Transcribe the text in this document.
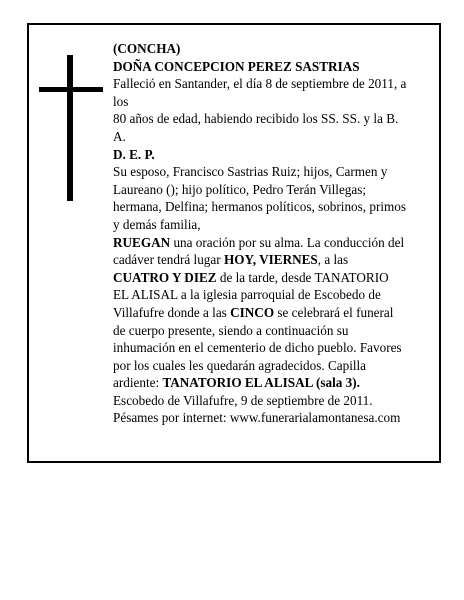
(CONCHA)
DOÑA CONCEPCION PEREZ SASTRIAS
Falleció en Santander, el día 8 de septiembre de 2011, a
los
80 años de edad, habiendo recibido los SS. SS. y la B.
A.
D. E. P.
Su esposo, Francisco Sastrias Ruiz; hijos, Carmen y
Laureano (); hijo político, Pedro Terán Villegas;
hermana, Delfina; hermanos políticos, sobrinos, primos
y demás familia,
RUEGAN una oración por su alma. La conducción del
cadáver tendrá lugar HOY, VIERNES, a las
CUATRO Y DIEZ de la tarde, desde TANATORIO
EL ALISAL a la iglesia parroquial de Escobedo de
Villafufre donde a las CINCO se celebrará el funeral
de cuerpo presente, siendo a continuación su
inhumación en el cementerio de dicho pueblo. Favores
por los cuales les quedarán agradecidos. Capilla
ardiente: TANATORIO EL ALISAL (sala 3).
Escobedo de Villafufre, 9 de septiembre de 2011.
Pésames por internet: www.funerarialamontanesa.com
